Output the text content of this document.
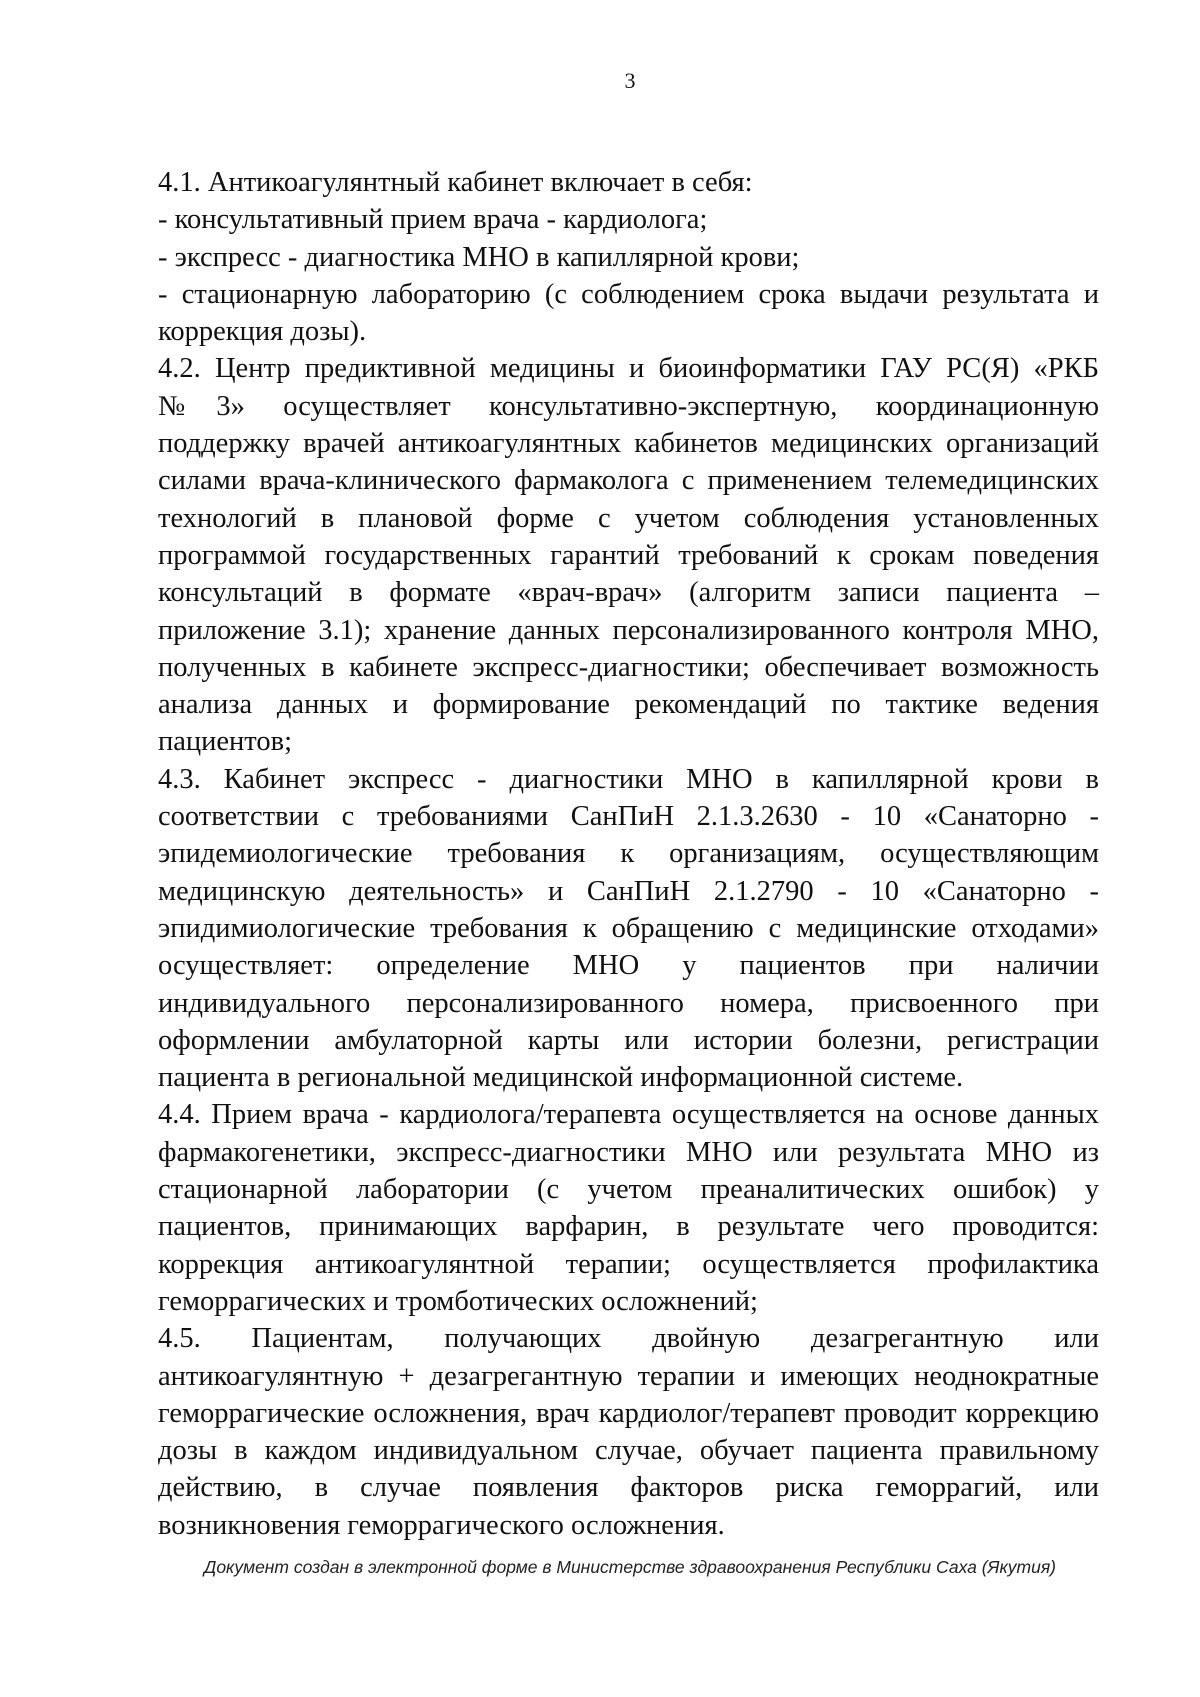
3

4.1. Антикоагулянтный кабинет включает в себя:

- консультативный прием врача - кардиолога;

- экспресс - диагностика МНО в капиллярной крови;

- стационарную лабораторию (с соблюдением срока выдачи результата и коррекция дозы).

4.2. Центр предиктивной медицины и биоинформатики ГАУ РС(Я) «РКБ №3» осуществляет консультативно-экспертную, координационную поддержку врачей антикоагулянтных кабинетов медицинских организаций силами врача-клинического фармаколога с применением телемедицинских технологий в плановой форме с учетом соблюдения установленных программой государственных гарантий требований к срокам поведения консультаций в формате «врач-врач» (алгоритм записи пациента – приложение 3.1); хранение данных персонализированного контроля МНО, полученных в кабинете экспресс-диагностики; обеспечивает возможность анализа данных и формирование рекомендаций по тактике ведения пациентов;

4.3. Кабинет экспресс - диагностики МНО в капиллярной крови в соответствии с требованиями СанПиН 2.1.3.2630 - 10 «Санаторно - эпидемиологические требования к организациям, осуществляющим медицинскую деятельность» и СанПиН 2.1.2790 - 10 «Санаторно - эпидимиологические требования к обращению с медицинские отходами» осуществляет: определение МНО у пациентов при наличии индивидуального персонализированного номера, присвоенного при оформлении амбулаторной карты или истории болезни, регистрации пациента в региональной медицинской информационной системе.

4.4. Прием врача - кардиолога/терапевта осуществляется на основе данных фармакогенетики, экспресс-диагностики МНО или результата МНО из стационарной лаборатории (с учетом преаналитических ошибок) у пациентов, принимающих варфарин, в результате чего проводится: коррекция антикоагулянтной терапии; осуществляется профилактика геморрагических и тромботических осложнений;

4.5. Пациентам, получающих двойную дезагрегантную или антикоагулянтную + дезагрегантную терапии и имеющих неоднократные геморрагические осложнения, врач кардиолог/терапевт проводит коррекцию дозы в каждом индивидуальном случае, обучает пациента правильному действию, в случае появления факторов риска геморрагий, или возникновения геморрагического осложнения.

Документ создан в электронной форме в Министерстве здравоохранения Республики Саха (Якутия)
